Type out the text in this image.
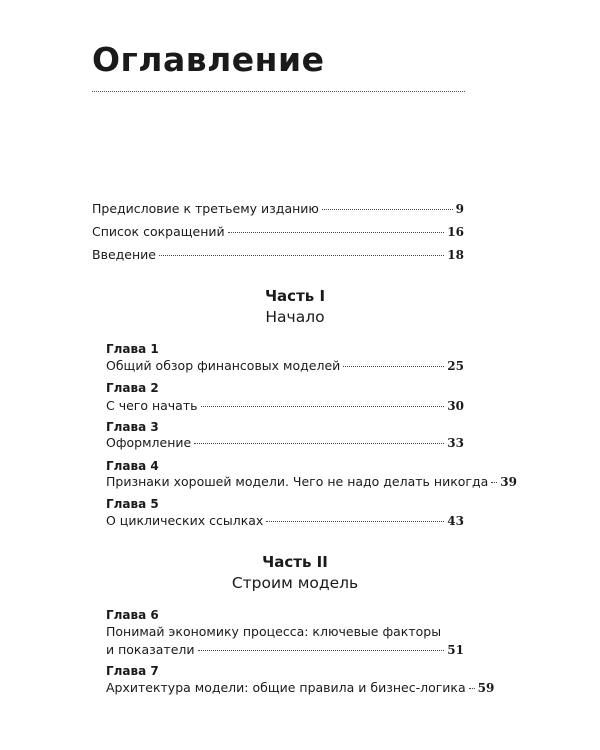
Оглавление
Предисловие к третьему изданию	9
Список сокращений	16
Введение	18
Часть I
Начало
Глава 1
Общий обзор финансовых моделей	25
Глава 2
С чего начать	30
Глава 3
Оформление	33
Глава 4
Признаки хорошей модели. Чего не надо делать никогда 39
Глава 5
О циклических ссылках	43
Часть II
Строим модель
Глава 6
Понимай экономику процесса: ключевые факторы
и показатели	51
Глава 7
Архитектура модели: общие правила и бизнес-логика 59
